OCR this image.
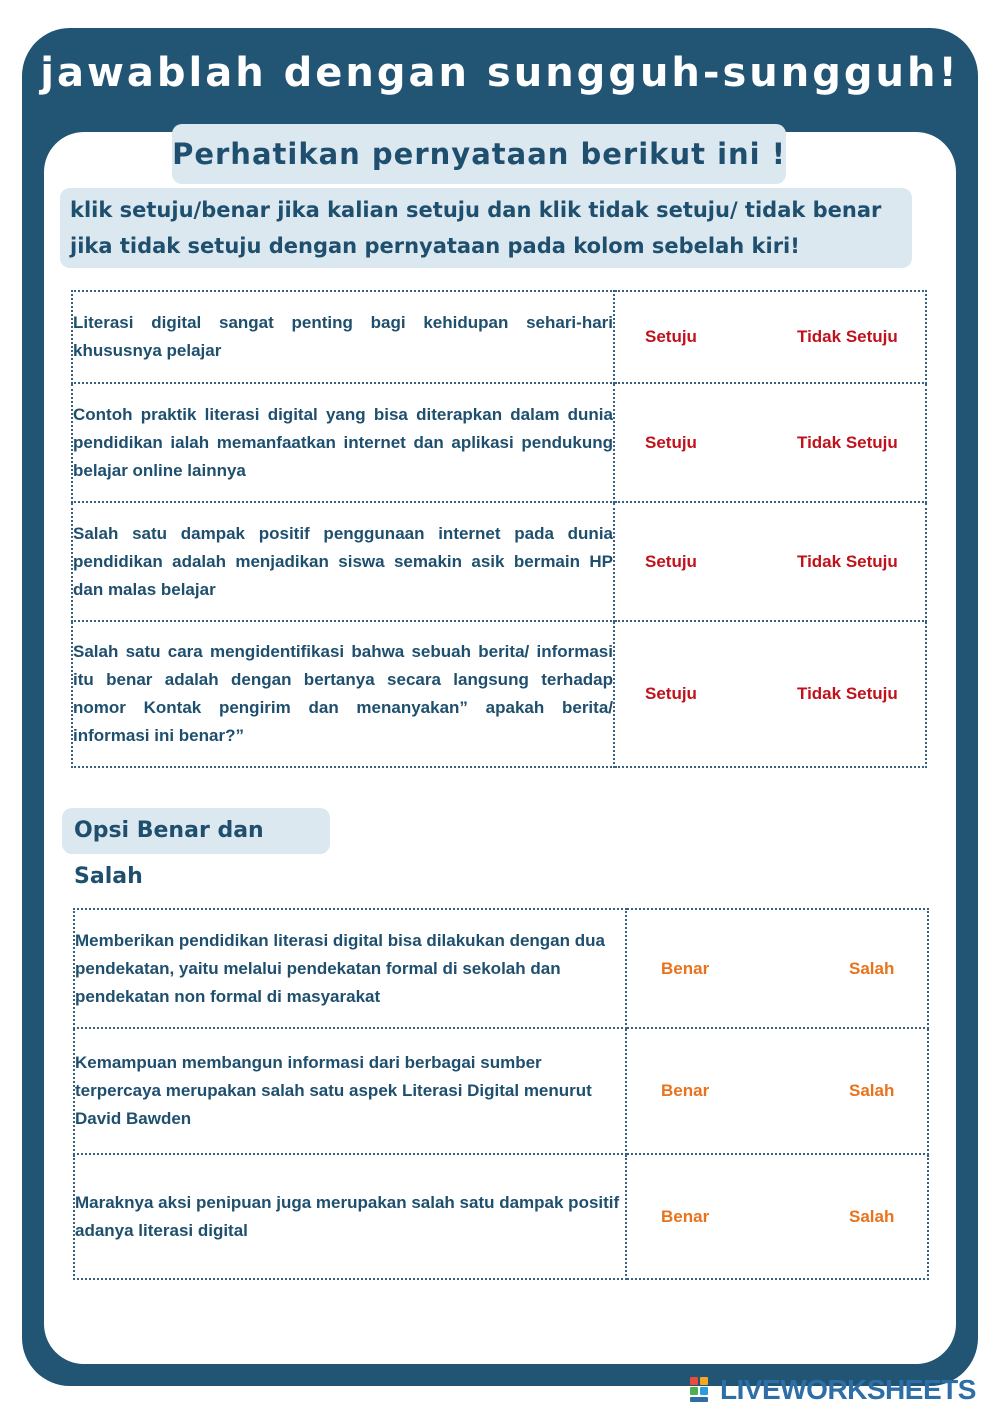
jawablah dengan sungguh-sungguh!
Perhatikan pernyataan berikut ini !
klik setuju/benar jika kalian setuju dan klik tidak setuju/ tidak benar
jika tidak setuju dengan pernyataan pada kolom sebelah kiri!
Literasi digital sangat penting bagi kehidupan sehari-hari khususnya pelajar	Setuju Tidak Setuju

Contoh praktik literasi digital yang bisa diterapkan dalam dunia pendidikan ialah memanfaatkan internet dan aplikasi pendukung belajar online lainnya	Setuju Tidak Setuju

Salah satu dampak positif penggunaan internet pada dunia pendidikan adalah menjadikan siswa semakin asik bermain HP dan malas belajar	Setuju Tidak Setuju

Salah satu cara mengidentifikasi bahwa sebuah berita/ informasi itu benar adalah dengan bertanya secara langsung terhadap nomor Kontak pengirim dan menanyakan” apakah berita/ informasi ini benar?”	Setuju Tidak Setuju
Opsi Benar dan Salah
Memberikan pendidikan literasi digital bisa dilakukan dengan dua pendekatan, yaitu melalui pendekatan formal di sekolah dan pendekatan non formal di masyarakat	Benar Salah

Kemampuan membangun informasi dari berbagai sumber terpercaya merupakan salah satu aspek Literasi Digital menurut David Bawden	Benar Salah

Maraknya aksi penipuan juga merupakan salah satu dampak positif adanya literasi digital	Benar Salah
LIVEWORKSHEETS
